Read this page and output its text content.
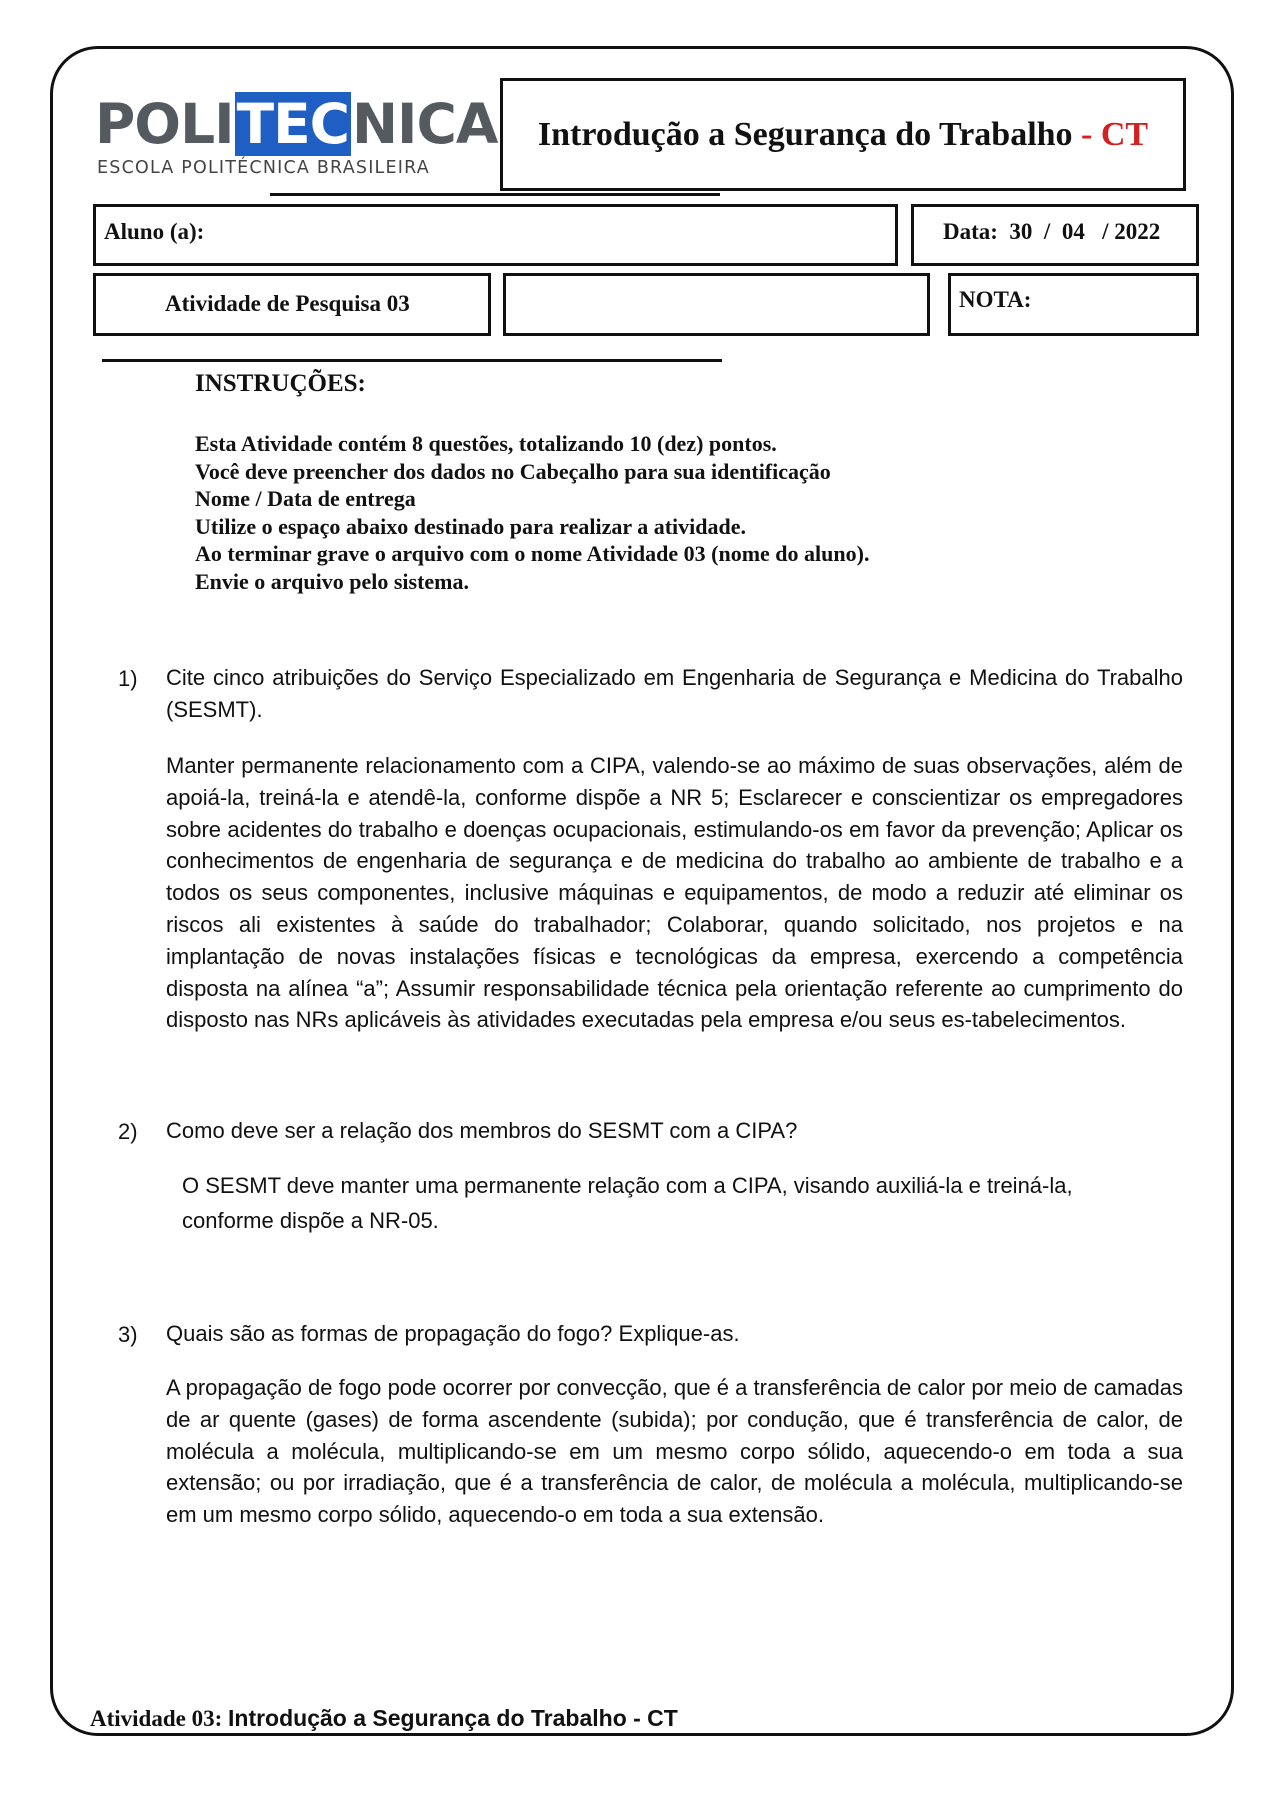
POLITECNICA
ESCOLA POLITÉCNICA BRASILEIRA
Introdução a Segurança do Trabalho - CT
Aluno (a):	Data:  30  /  04   / 2022
Atividade de Pesquisa 03	NOTA:
INSTRUÇÕES:
Esta Atividade contém 8 questões, totalizando 10 (dez) pontos.
Você deve preencher dos dados no Cabeçalho para sua identificação
Nome / Data de entrega
Utilize o espaço abaixo destinado para realizar a atividade.
Ao terminar grave o arquivo com o nome Atividade 03 (nome do aluno).
Envie o arquivo pelo sistema.
1) Cite cinco atribuições do Serviço Especializado em Engenharia de Segurança e Medicina do Trabalho (SESMT).
Manter permanente relacionamento com a CIPA, valendo-se ao máximo de suas observações, além de apoiá-la, treiná-la e atendê-la, conforme dispõe a NR 5; Esclarecer e conscientizar os empregadores sobre acidentes do trabalho e doenças ocupacionais, estimulando-os em favor da prevenção; Aplicar os conhecimentos de engenharia de segurança e de medicina do trabalho ao ambiente de trabalho e a todos os seus componentes, inclusive máquinas e equipamentos, de modo a reduzir até eliminar os riscos ali existentes à saúde do trabalhador; Colaborar, quando solicitado, nos projetos e na implantação de novas instalações físicas e tecnológicas da empresa, exercendo a competência disposta na alínea “a”; Assumir responsabilidade técnica pela orientação referente ao cumprimento do disposto nas NRs aplicáveis às atividades executadas pela empresa e/ou seus es-tabelecimentos.
2) Como deve ser a relação dos membros do SESMT com a CIPA?
O SESMT deve manter uma permanente relação com a CIPA, visando auxiliá-la e treiná-la, conforme dispõe a NR-05.
3) Quais são as formas de propagação do fogo? Explique-as.
A propagação de fogo pode ocorrer por convecção, que é a transferência de calor por meio de camadas de ar quente (gases) de forma ascendente (subida); por condução, que é transferência de calor, de molécula a molécula, multiplicando-se em um mesmo corpo sólido, aquecendo-o em toda a sua extensão; ou por irradiação, que é a transferência de calor, de molécula a molécula, multiplicando-se em um mesmo corpo sólido, aquecendo-o em toda a sua extensão.
Atividade 03: Introdução a Segurança do Trabalho - CT
